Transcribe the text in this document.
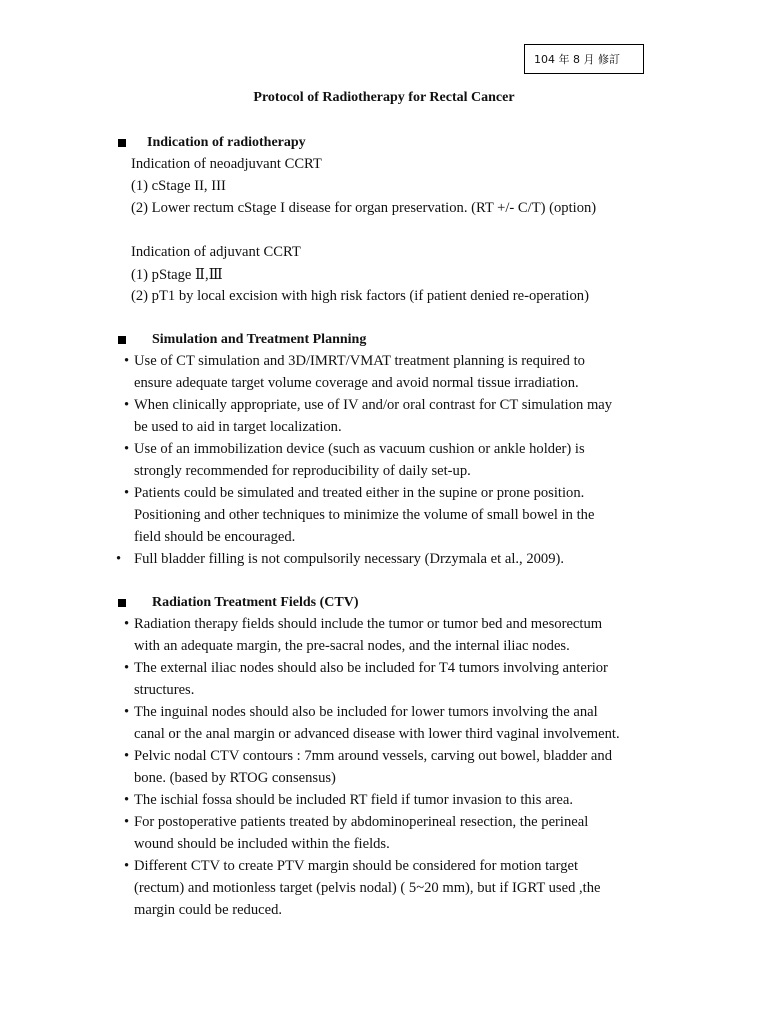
104 年 8 月 修訂
Protocol of Radiotherapy for Rectal Cancer
Indication of radiotherapy
Indication of neoadjuvant CCRT
(1) cStage II, III
(2) Lower rectum cStage I disease for organ preservation. (RT +/- C/T) (option)
Indication of adjuvant CCRT
(1) pStage Ⅱ,Ⅲ
(2) pT1 by local excision with high risk factors (if patient denied re-operation)
Simulation and Treatment Planning
• Use of CT simulation and 3D/IMRT/VMAT treatment planning is required to
ensure adequate target volume coverage and avoid normal tissue irradiation.
• When clinically appropriate, use of IV and/or oral contrast for CT simulation may
be used to aid in target localization.
• Use of an immobilization device (such as vacuum cushion or ankle holder) is
strongly recommended for reproducibility of daily set-up.
• Patients could be simulated and treated either in the supine or prone position.
Positioning and other techniques to minimize the volume of small bowel in the
field should be encouraged.
• Full bladder filling is not compulsorily necessary (Drzymala et al., 2009).
Radiation Treatment Fields (CTV)
• Radiation therapy fields should include the tumor or tumor bed and mesorectum
with an adequate margin, the pre-sacral nodes, and the internal iliac nodes.
• The external iliac nodes should also be included for T4 tumors involving anterior
structures.
• The inguinal nodes should also be included for lower tumors involving the anal
canal or the anal margin or advanced disease with lower third vaginal involvement.
• Pelvic nodal CTV contours : 7mm around vessels, carving out bowel, bladder and
bone. (based by RTOG consensus)
• The ischial fossa should be included RT field if tumor invasion to this area.
• For postoperative patients treated by abdominoperineal resection, the perineal
wound should be included within the fields.
• Different CTV to create PTV margin should be considered for motion target
(rectum) and motionless target (pelvis nodal) ( 5~20 mm), but if IGRT used ,the
margin could be reduced.
